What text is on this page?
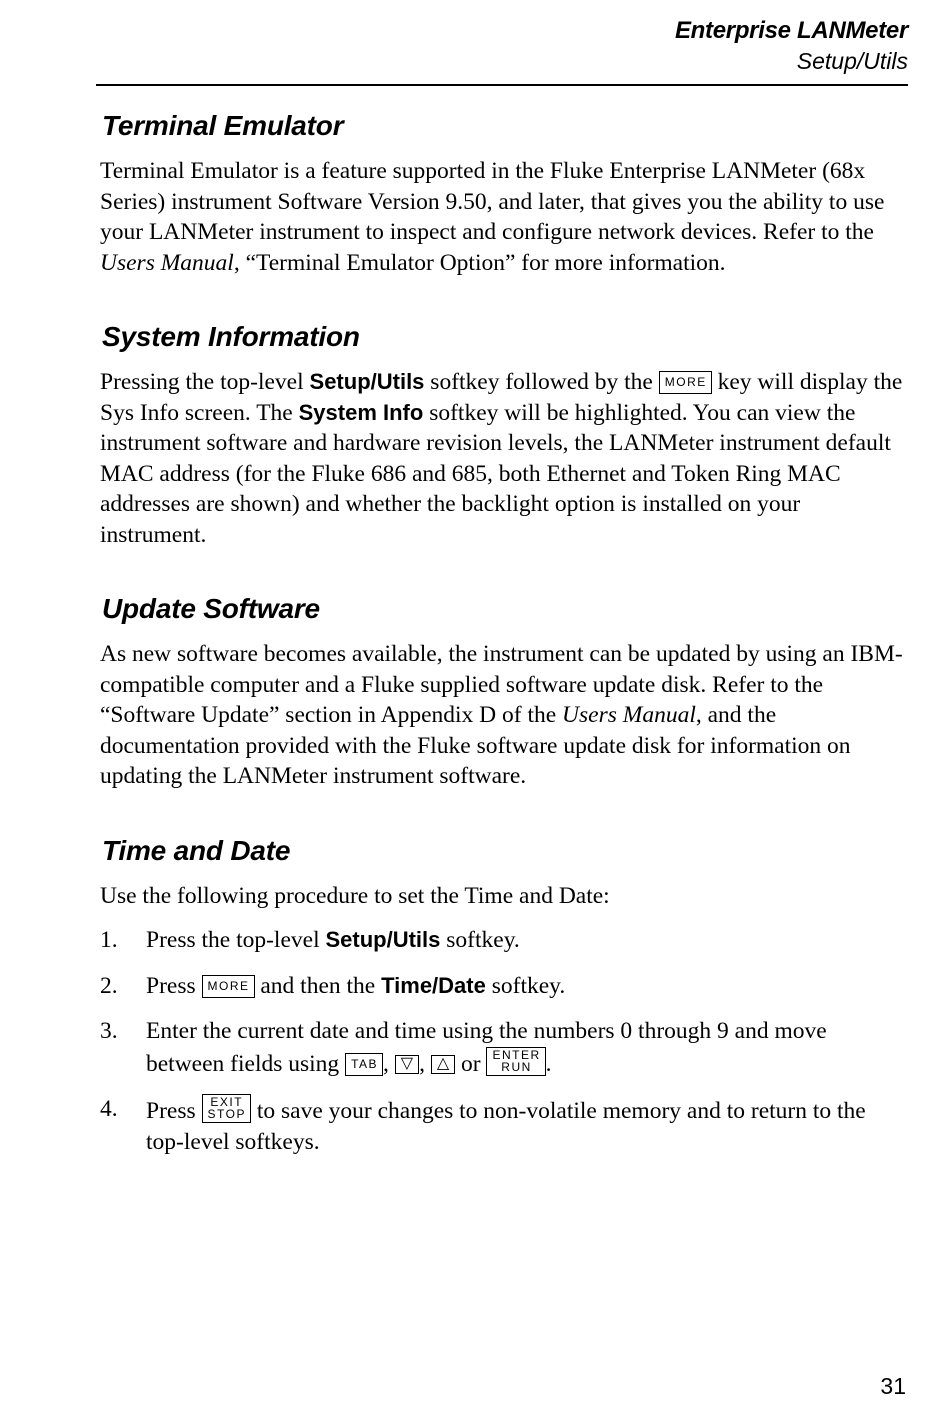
Enterprise LANMeter
Setup/Utils
Terminal Emulator

Terminal Emulator is a feature supported in the Fluke Enterprise LANMeter (68x Series) instrument Software Version 9.50, and later, that gives you the ability to use your LANMeter instrument to inspect and configure network devices. Refer to the Users Manual, “Terminal Emulator Option” for more information.

System Information

Pressing the top-level Setup/Utils softkey followed by the MORE key will display the Sys Info screen. The System Info softkey will be highlighted. You can view the instrument software and hardware revision levels, the LANMeter instrument default MAC address (for the Fluke 686 and 685, both Ethernet and Token Ring MAC addresses are shown) and whether the backlight option is installed on your instrument.

Update Software

As new software becomes available, the instrument can be updated by using an IBM-compatible computer and a Fluke supplied software update disk. Refer to the “Software Update” section in Appendix D of the Users Manual, and the documentation provided with the Fluke software update disk for information on updating the LANMeter instrument software.

Time and Date

Use the following procedure to set the Time and Date:

1. Press the top-level Setup/Utils softkey.
2. Press MORE and then the Time/Date softkey.
3. Enter the current date and time using the numbers 0 through 9 and move between fields using TAB , ▽ , △ or ENTER
RUN .
4. Press EXIT
STOP to save your changes to non-volatile memory and to return to the top-level softkeys.
31
